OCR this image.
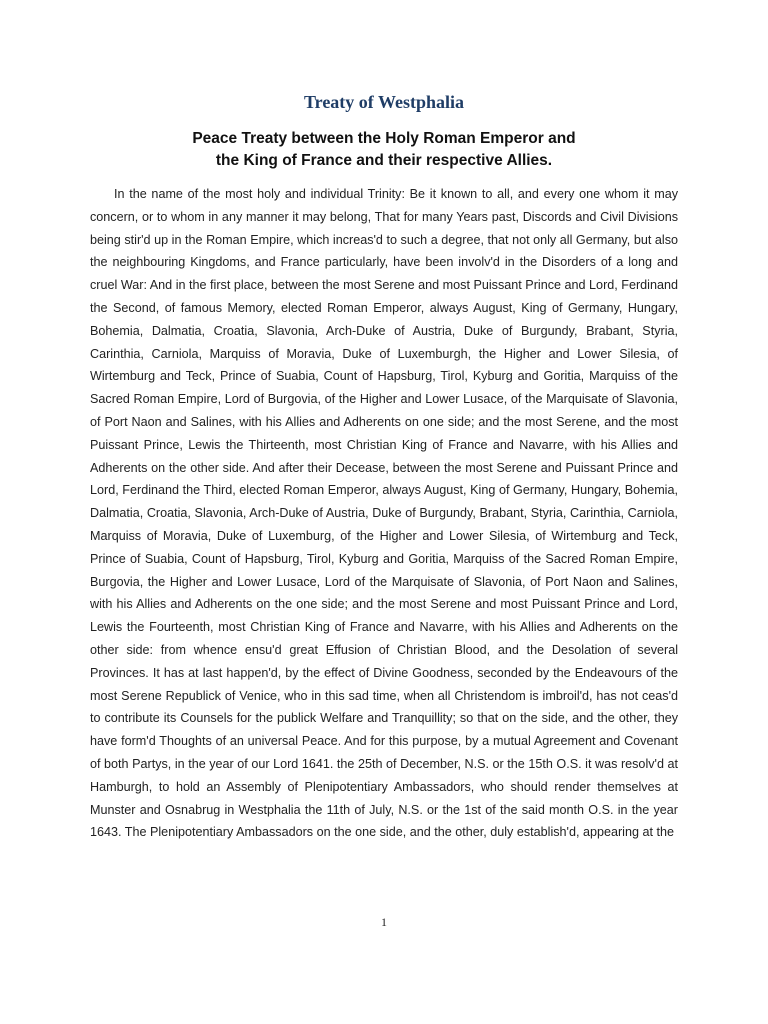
Treaty of Westphalia
Peace Treaty between the Holy Roman Emperor and
the King of France and their respective Allies.

In the name of the most holy and individual Trinity: Be it known to all, and every one whom it may concern, or to whom in any manner it may belong, That for many Years past, Discords and Civil Divisions being stir'd up in the Roman Empire, which increas'd to such a degree, that not only all Germany, but also the neighbouring Kingdoms, and France particularly, have been involv'd in the Disorders of a long and cruel War: And in the first place, between the most Serene and most Puissant Prince and Lord, Ferdinand the Second, of famous Memory, elected Roman Emperor, always August, King of Germany, Hungary, Bohemia, Dalmatia, Croatia, Slavonia, Arch-Duke of Austria, Duke of Burgundy, Brabant, Styria, Carinthia, Carniola, Marquiss of Moravia, Duke of Luxemburgh, the Higher and Lower Silesia, of Wirtemburg and Teck, Prince of Suabia, Count of Hapsburg, Tirol, Kyburg and Goritia, Marquiss of the Sacred Roman Empire, Lord of Burgovia, of the Higher and Lower Lusace, of the Marquisate of Slavonia, of Port Naon and Salines, with his Allies and Adherents on one side; and the most Serene, and the most Puissant Prince, Lewis the Thirteenth, most Christian King of France and Navarre, with his Allies and Adherents on the other side. And after their Decease, between the most Serene and Puissant Prince and Lord, Ferdinand the Third, elected Roman Emperor, always August, King of Germany, Hungary, Bohemia, Dalmatia, Croatia, Slavonia, Arch-Duke of Austria, Duke of Burgundy, Brabant, Styria, Carinthia, Carniola, Marquiss of Moravia, Duke of Luxemburg, of the Higher and Lower Silesia, of Wirtemburg and Teck, Prince of Suabia, Count of Hapsburg, Tirol, Kyburg and Goritia, Marquiss of the Sacred Roman Empire, Burgovia, the Higher and Lower Lusace, Lord of the Marquisate of Slavonia, of Port Naon and Salines, with his Allies and Adherents on the one side; and the most Serene and most Puissant Prince and Lord, Lewis the Fourteenth, most Christian King of France and Navarre, with his Allies and Adherents on the other side: from whence ensu'd great Effusion of Christian Blood, and the Desolation of several Provinces. It has at last happen'd, by the effect of Divine Goodness, seconded by the Endeavours of the most Serene Republick of Venice, who in this sad time, when all Christendom is imbroil'd, has not ceas'd to contribute its Counsels for the publick Welfare and Tranquillity; so that on the side, and the other, they have form'd Thoughts of an universal Peace. And for this purpose, by a mutual Agreement and Covenant of both Partys, in the year of our Lord 1641. the 25th of December, N.S. or the 15th O.S. it was resolv'd at Hamburgh, to hold an Assembly of Plenipotentiary Ambassadors, who should render themselves at Munster and Osnabrug in Westphalia the 11th of July, N.S. or the 1st of the said month O.S. in the year 1643. The Plenipotentiary Ambassadors on the one side, and the other, duly establish'd, appearing at the

1
